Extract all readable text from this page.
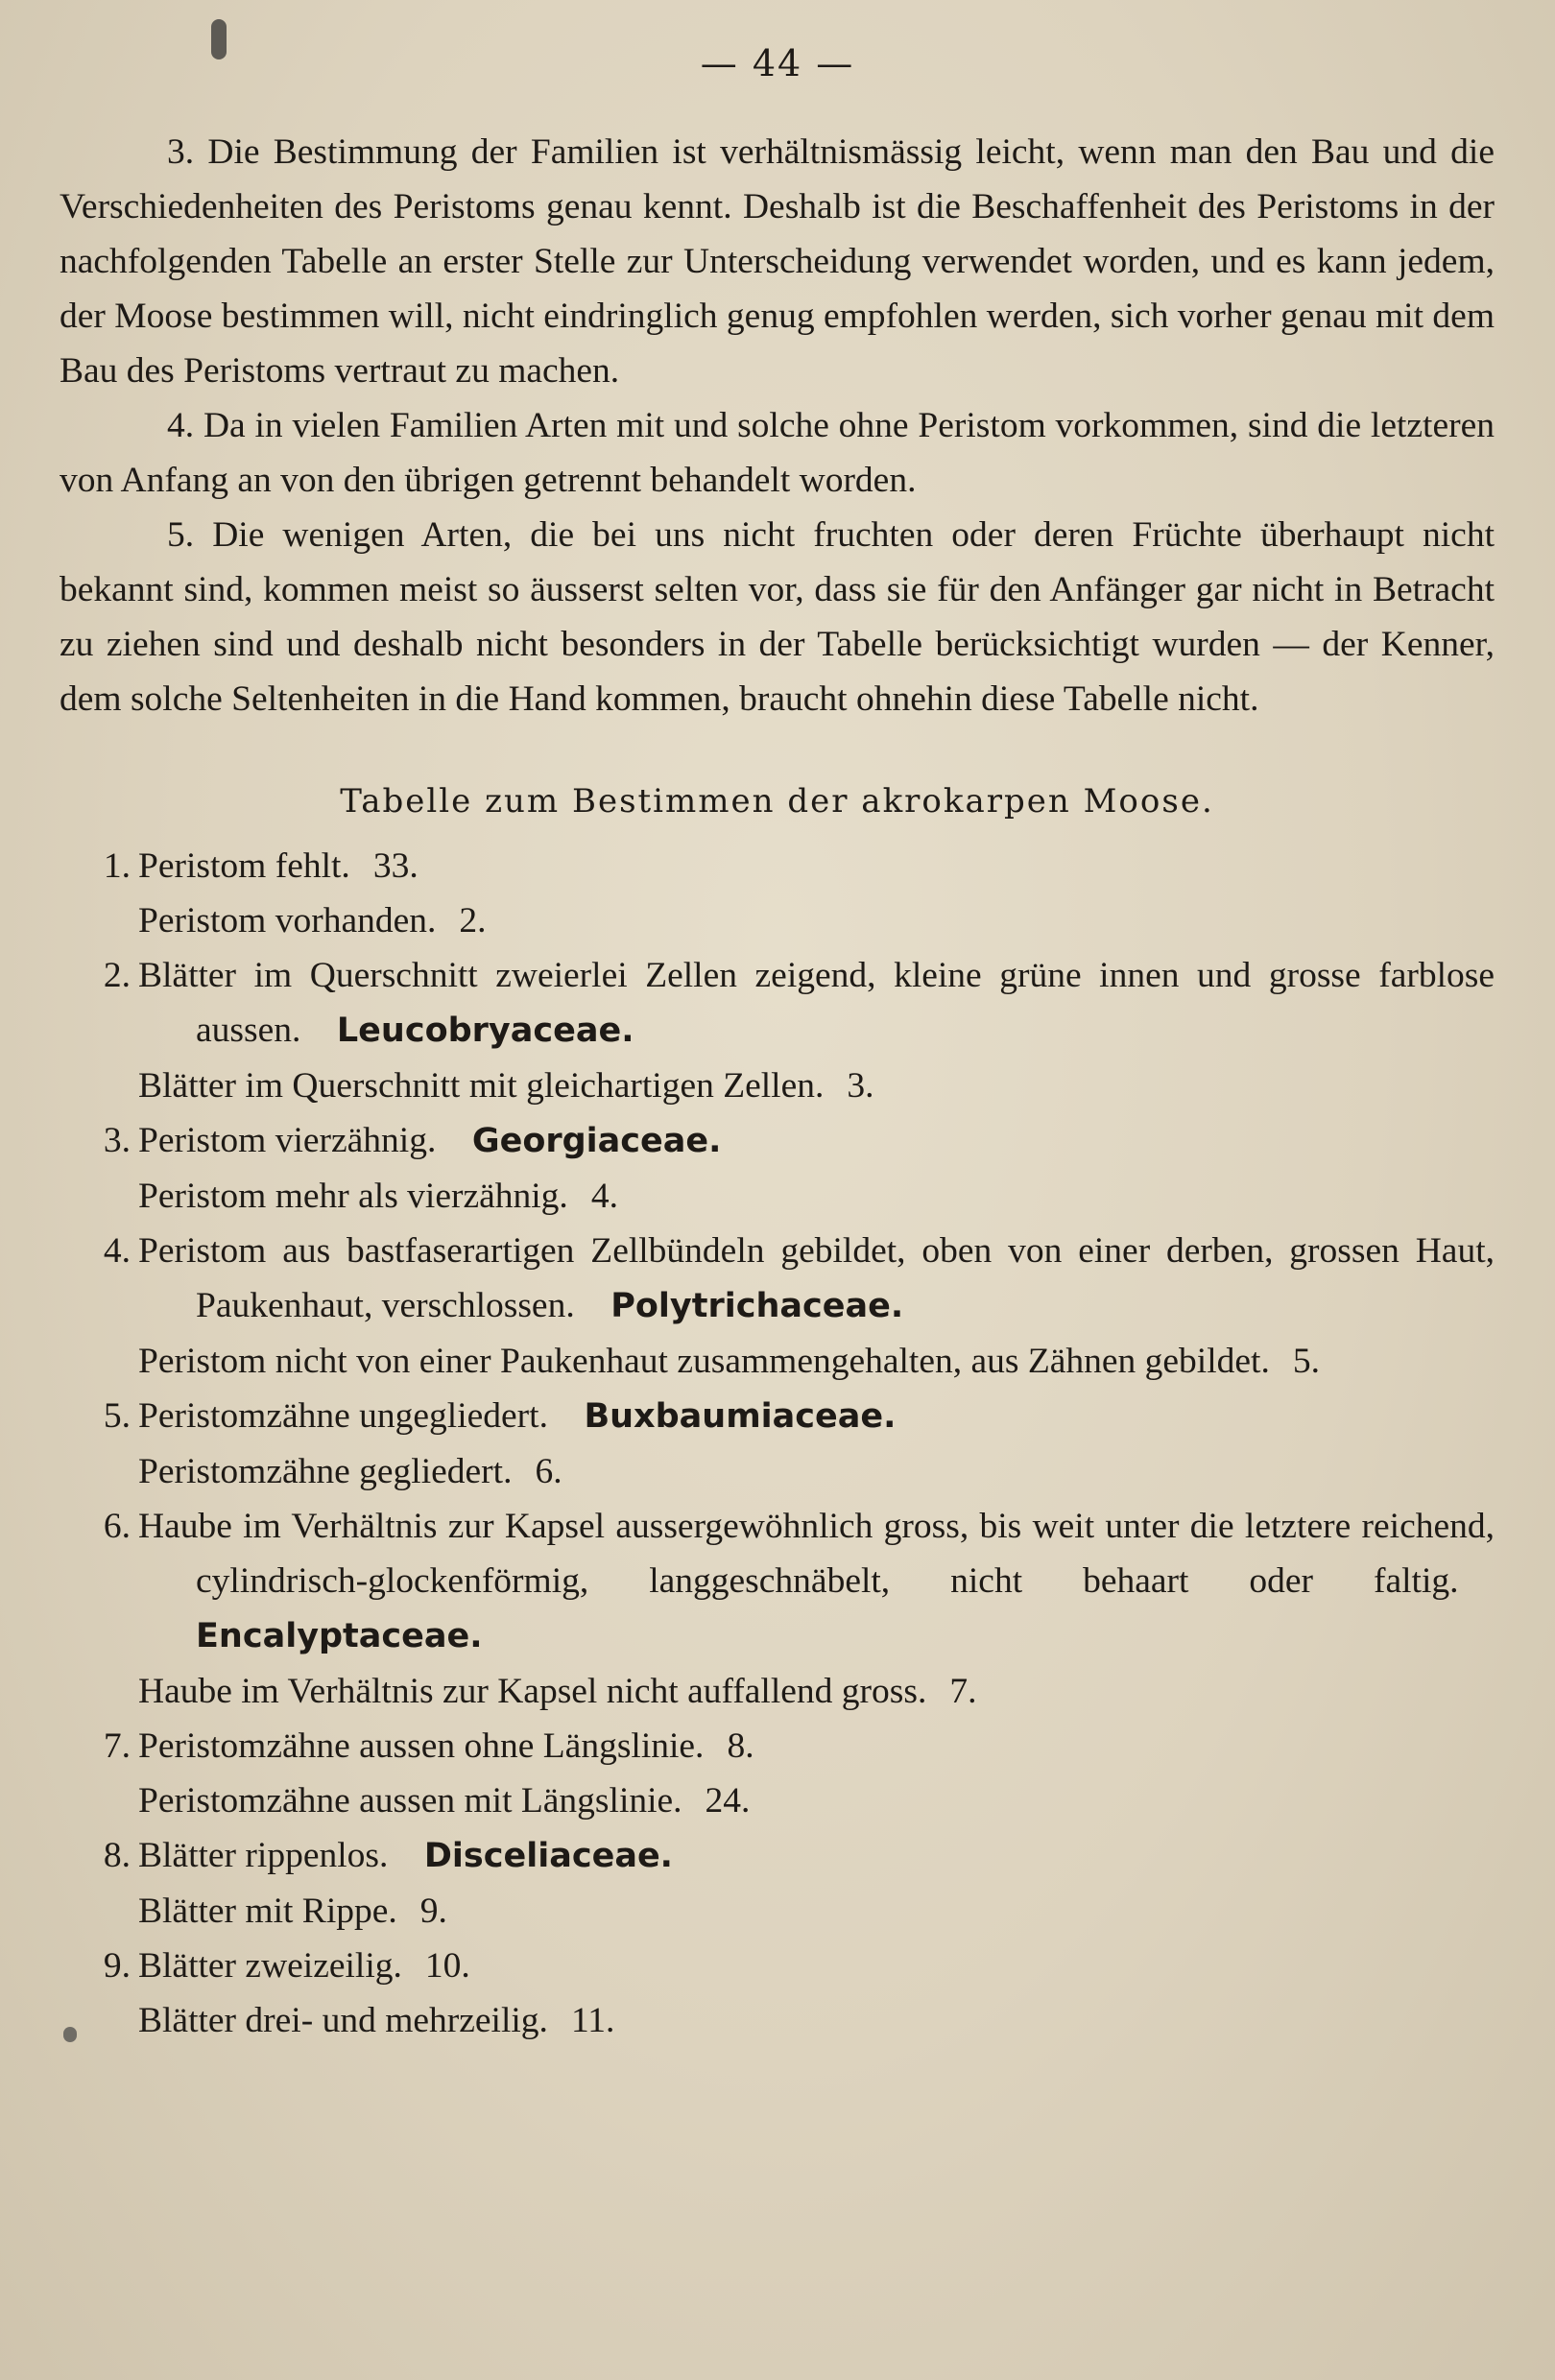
— 44 —

3. Die Bestimmung der Familien ist verhältnismässig leicht, wenn man den Bau und die Verschiedenheiten des Peristoms genau kennt. Deshalb ist die Beschaffenheit des Peristoms in der nachfolgenden Tabelle an erster Stelle zur Unterscheidung verwendet worden, und es kann jedem, der Moose bestimmen will, nicht eindringlich genug empfohlen werden, sich vorher genau mit dem Bau des Peristoms vertraut zu machen.

4. Da in vielen Familien Arten mit und solche ohne Peristom vorkommen, sind die letzteren von Anfang an von den übrigen getrennt behandelt worden.

5. Die wenigen Arten, die bei uns nicht fruchten oder deren Früchte überhaupt nicht bekannt sind, kommen meist so äusserst selten vor, dass sie für den Anfänger gar nicht in Betracht zu ziehen sind und deshalb nicht besonders in der Tabelle berücksichtigt wurden — der Kenner, dem solche Seltenheiten in die Hand kommen, braucht ohnehin diese Tabelle nicht.

Tabelle zum Bestimmen der akrokarpen Moose.
1. Peristom fehlt. 33.

Peristom vorhanden. 2.

2. Blätter im Querschnitt zweierlei Zellen zeigend, kleine grüne innen und grosse farblose aussen.  Leucobryaceae.

Blätter im Querschnitt mit gleichartigen Zellen. 3.

3. Peristom vierzähnig.  Georgiaceae.

Peristom mehr als vierzähnig. 4.

4. Peristom aus bastfaserartigen Zellbündeln gebildet, oben von einer derben, grossen Haut, Paukenhaut, verschlossen.  Polytrichaceae.

Peristom nicht von einer Paukenhaut zusammengehalten, aus Zähnen gebildet. 5.

5. Peristomzähne ungegliedert.  Buxbaumiaceae.

Peristomzähne gegliedert. 6.

6. Haube im Verhältnis zur Kapsel aussergewöhnlich gross, bis weit unter die letztere reichend, cylindrisch-glockenförmig, langgeschnäbelt, nicht behaart oder faltig. Encalyptaceae.

Haube im Verhältnis zur Kapsel nicht auffallend gross. 7.

7. Peristomzähne aussen ohne Längslinie. 8.

Peristomzähne aussen mit Längslinie. 24.

8. Blätter rippenlos.  Disceliaceae.

Blätter mit Rippe. 9.

9. Blätter zweizeilig. 10.

Blätter drei- und mehrzeilig. 11.
